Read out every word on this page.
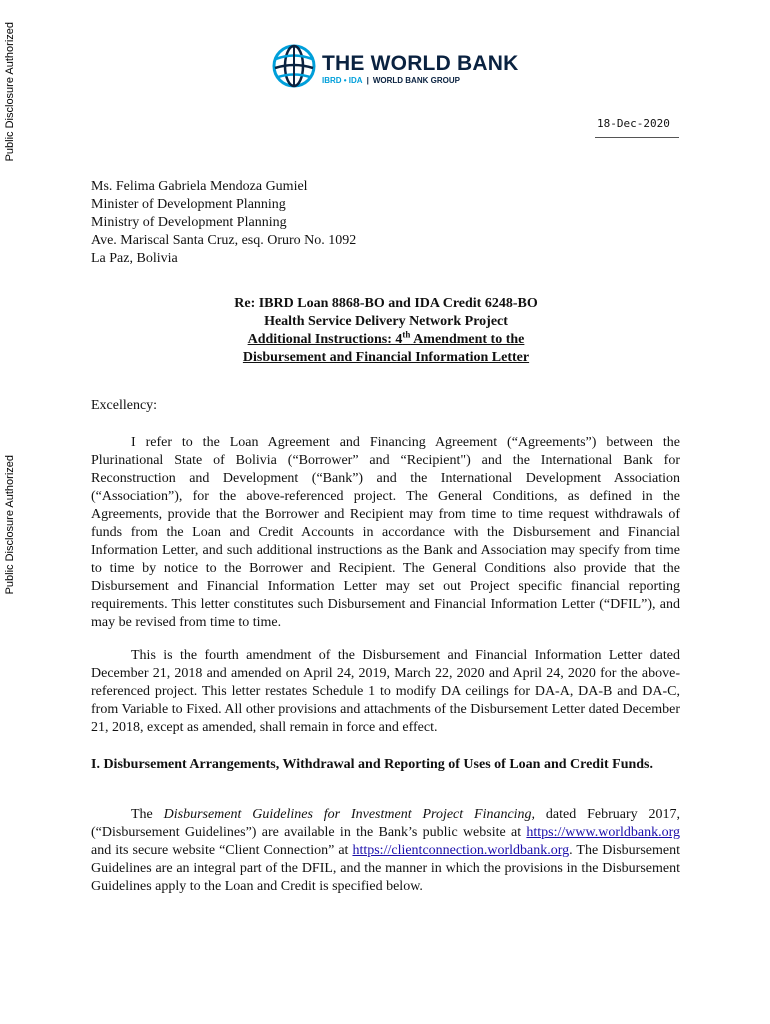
Public Disclosure Authorized
Public Disclosure Authorized
THE WORLD BANK
IBRD • IDA | WORLD BANK GROUP
18-Dec-2020
Ms. Felima Gabriela Mendoza Gumiel
Minister of Development Planning
Ministry of Development Planning
Ave. Mariscal Santa Cruz, esq. Oruro No. 1092
La Paz, Bolivia
Re: IBRD Loan 8868-BO and IDA Credit 6248-BO
Health Service Delivery Network Project
Additional Instructions: 4th Amendment to the
Disbursement and Financial Information Letter
Excellency:
I refer to the Loan Agreement and Financing Agreement (“Agreements”) between the Plurinational State of Bolivia (“Borrower” and “Recipient") and the International Bank for Reconstruction and Development (“Bank”) and the International Development Association (“Association”), for the above-referenced project. The General Conditions, as defined in the Agreements, provide that the Borrower and Recipient may from time to time request withdrawals of funds from the Loan and Credit Accounts in accordance with the Disbursement and Financial Information Letter, and such additional instructions as the Bank and Association may specify from time to time by notice to the Borrower and Recipient. The General Conditions also provide that the Disbursement and Financial Information Letter may set out Project specific financial reporting requirements. This letter constitutes such Disbursement and Financial Information Letter (“DFIL”), and may be revised from time to time.
This is the fourth amendment of the Disbursement and Financial Information Letter dated December 21, 2018 and amended on April 24, 2019, March 22, 2020 and April 24, 2020 for the above-referenced project. This letter restates Schedule 1 to modify DA ceilings for DA-A, DA-B and DA-C, from Variable to Fixed. All other provisions and attachments of the Disbursement Letter dated December 21, 2018, except as amended, shall remain in force and effect.
I. Disbursement Arrangements, Withdrawal and Reporting of Uses of Loan and Credit Funds.
The Disbursement Guidelines for Investment Project Financing, dated February 2017, (“Disbursement Guidelines”) are available in the Bank’s public website at https://www.worldbank.org and its secure website “Client Connection” at https://clientconnection.worldbank.org. The Disbursement Guidelines are an integral part of the DFIL, and the manner in which the provisions in the Disbursement Guidelines apply to the Loan and Credit is specified below.
